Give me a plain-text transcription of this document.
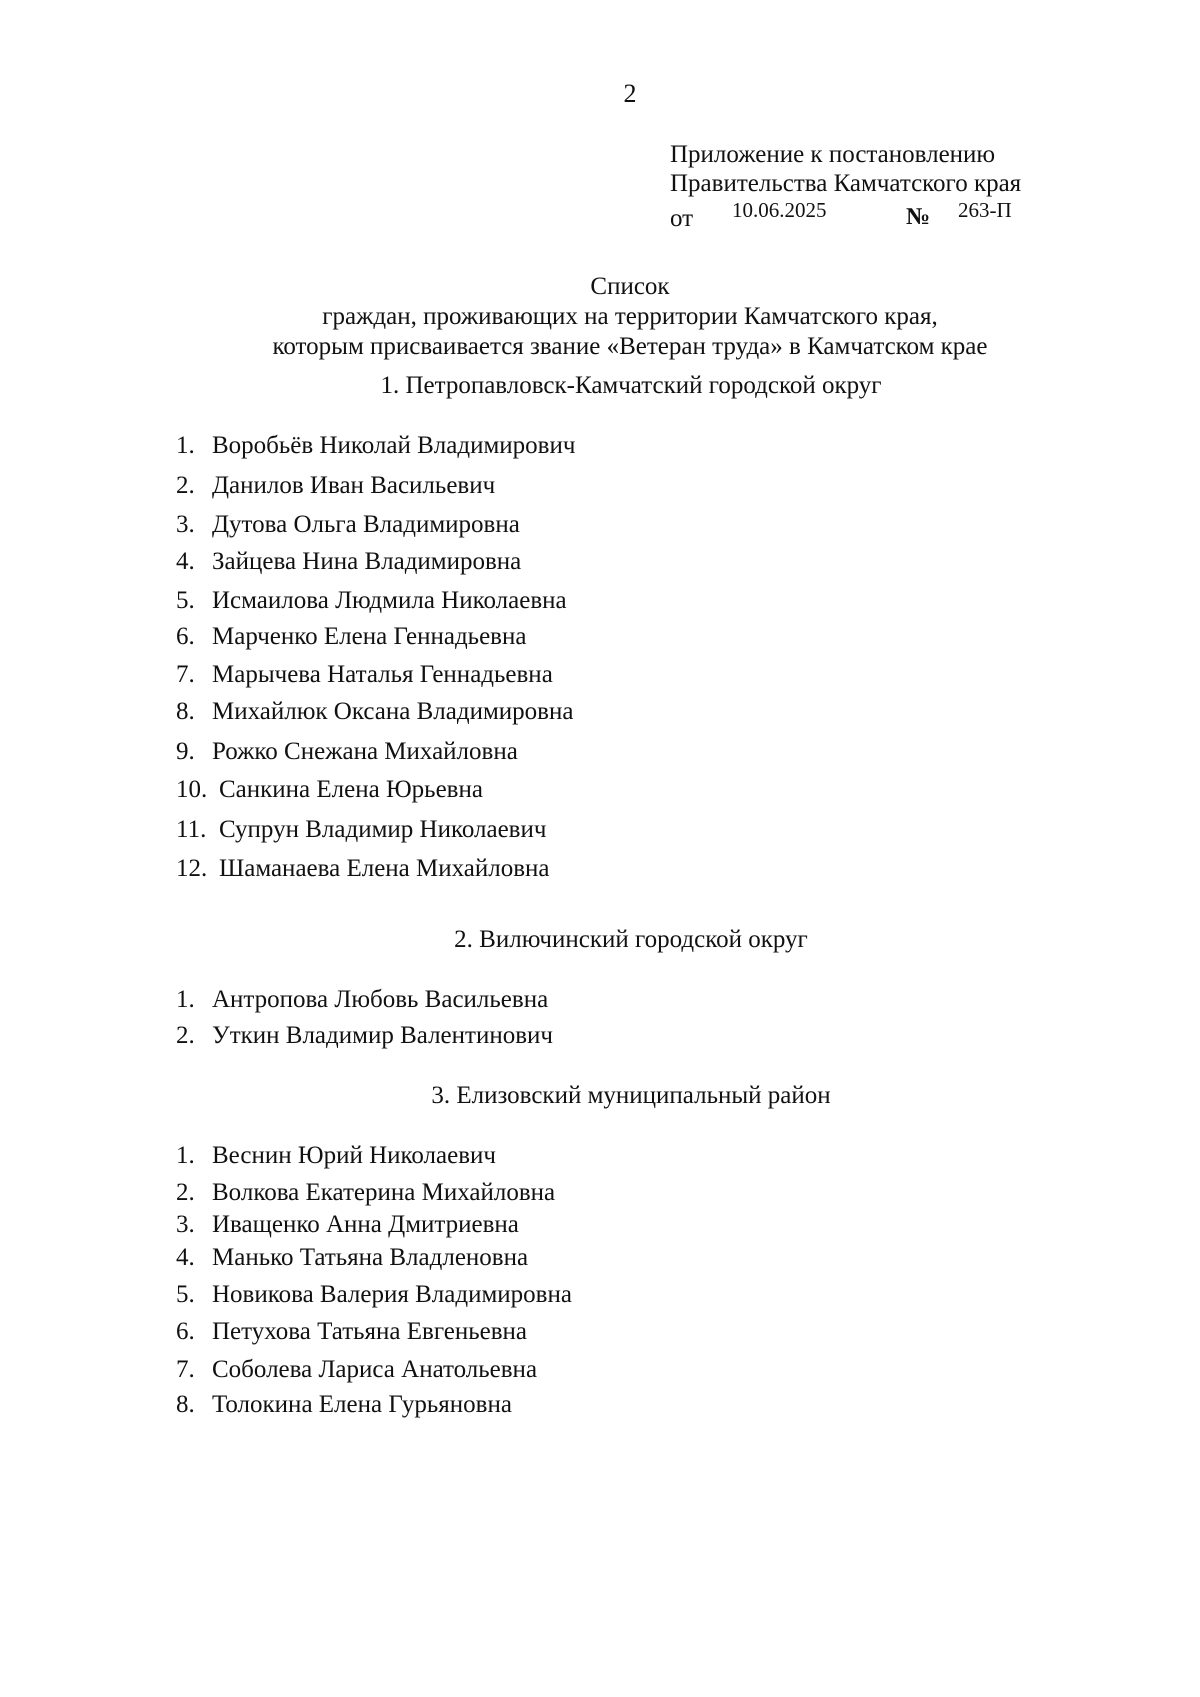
2
Приложение к постановлению
Правительства Камчатского края
от 10.06.2025	№ 263-П
Список
граждан, проживающих на территории Камчатского края,
которым присваивается звание «Ветеран труда» в Камчатском крае
1. Петропавловск-Камчатский городской округ
1. Воробьёв Николай Владимирович
2. Данилов Иван Васильевич
3. Дутова Ольга Владимировна
4. Зайцева Нина Владимировна
5. Исмаилова Людмила Николаевна
6. Марченко Елена Геннадьевна
7. Марычева Наталья Геннадьевна
8. Михайлюк Оксана Владимировна
9. Рожко Снежана Михайловна
10. Санкина Елена Юрьевна
11. Супрун Владимир Николаевич
12. Шаманаева Елена Михайловна
2. Вилючинский городской округ
1. Антропова Любовь Васильевна
2. Уткин Владимир Валентинович
3. Елизовский муниципальный район
1. Веснин Юрий Николаевич
2. Волкова Екатерина Михайловна
3. Иващенко Анна Дмитриевна
4. Манько Татьяна Владленовна
5. Новикова Валерия Владимировна
6. Петухова Татьяна Евгеньевна
7. Соболева Лариса Анатольевна
8. Толокина Елена Гурьяновна
